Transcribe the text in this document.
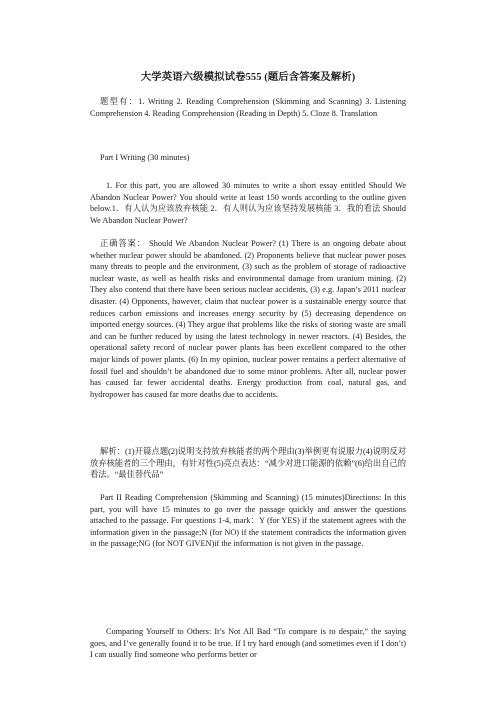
大学英语六级模拟试卷555 (题后含答案及解析)

题型有：1. Writing 2. Reading Comprehension (Skimming and Scanning) 3. Listening Comprehension 4. Reading Comprehension (Reading in Depth) 5. Cloze 8. Translation

Part I Writing (30 minutes)

1. For this part, you are allowed 30 minutes to write a short essay entitled Should We Abandon Nuclear Power? You should write at least 150 words according to the outline given below.1．有人认为应该放弃核能 2．有人则认为应该坚持发展核能 3．我的看法 Should We Abandon Nuclear Power?

正确答案： Should We Abandon Nuclear Power? (1) There is an ongoing debate about whether nuclear power should be abandoned. (2) Proponents believe that nuclear power poses many threats to people and the environment, (3) such as the problem of storage of radioactive nuclear waste, as well as health risks and environmental damage from uranium mining. (2) They also contend that there have been serious nuclear accidents, (3) e.g. Japan’s 2011 nuclear disaster. (4) Opponents, however, claim that nuclear power is a sustainable energy source that reduces carbon emissions and increases energy security by (5) decreasing dependence on imported energy sources. (4) They argue that problems like the risks of storing waste are small and can be further reduced by using the latest technology in newer reactors. (4) Besides, the operational safety record of nuclear power plants has been excellent compared to the other major kinds of power plants. (6) In my opinion, nuclear power remains a perfect alternative of fossil fuel and shouldn’t be abandoned due to some minor problems. After all, nuclear power has caused far fewer accidental deaths. Energy production from coal, natural gas, and hydropower has caused far more deaths due to accidents.

解析：(1)开篇点题(2)说明支持放弃核能者的两个理由(3)举例更有说服力(4)说明反对放弃核能者的三个理由，有针对性(5)亮点表达：“减少对进口能源的依赖”(6)给出自己的看法。“最佳替代品”

Part II Reading Comprehension (Skimming and Scanning) (15 minutes)Directions: In this part, you will have 15 minutes to go over the passage quickly and answer the questions attached to the passage. For questions 1-4, mark：Y (for YES) if the statement agrees with the information given in the passage;N (for NO) if the statement contradicts the information given in the passage;NG (for NOT GIVEN)if the information is not given in the passage.

Comparing Yourself to Others: It’s Not All Bad “To compare is to despair,” the saying goes, and I’ve generally found it to be true. If I try hard enough (and sometimes even if I don’t) I can usually find someone who performs better or
